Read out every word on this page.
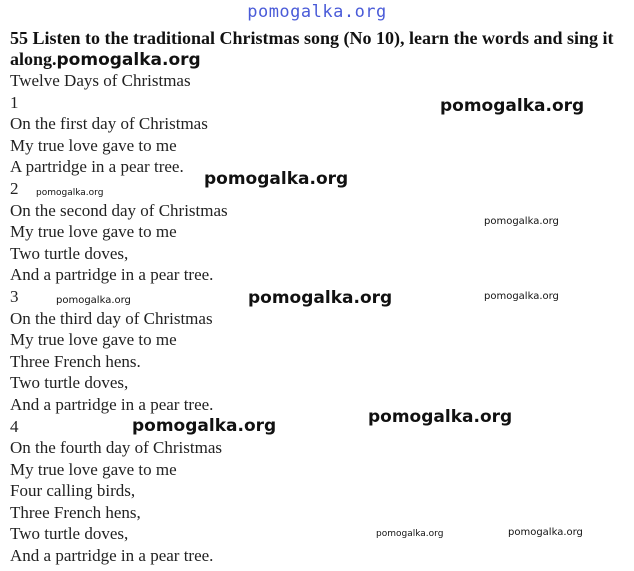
pomogalka.org
55 Listen to the traditional Christmas song (No 10), learn the words and sing it along.pomogalka.org
Twelve Days of Christmas
1
On the first day of Christmas
My true love gave to me
A partridge in a pear tree.
2
On the second day of Christmas
My true love gave to me
Two turtle doves,
And a partridge in a pear tree.
3
On the third day of Christmas
My true love gave to me
Three French hens.
Two turtle doves,
And a partridge in a pear tree.
4
On the fourth day of Christmas
My true love gave to me
Four calling birds,
Three French hens,
Two turtle doves,
And a partridge in a pear tree.
pomogalka.org
pomogalka.org
pomogalka.org
pomogalka.org
pomogalka.org
pomogalka.org	pomogalka.org
pomogalka.org
pomogalka.org
pomogalka.org	pomogalka.org
